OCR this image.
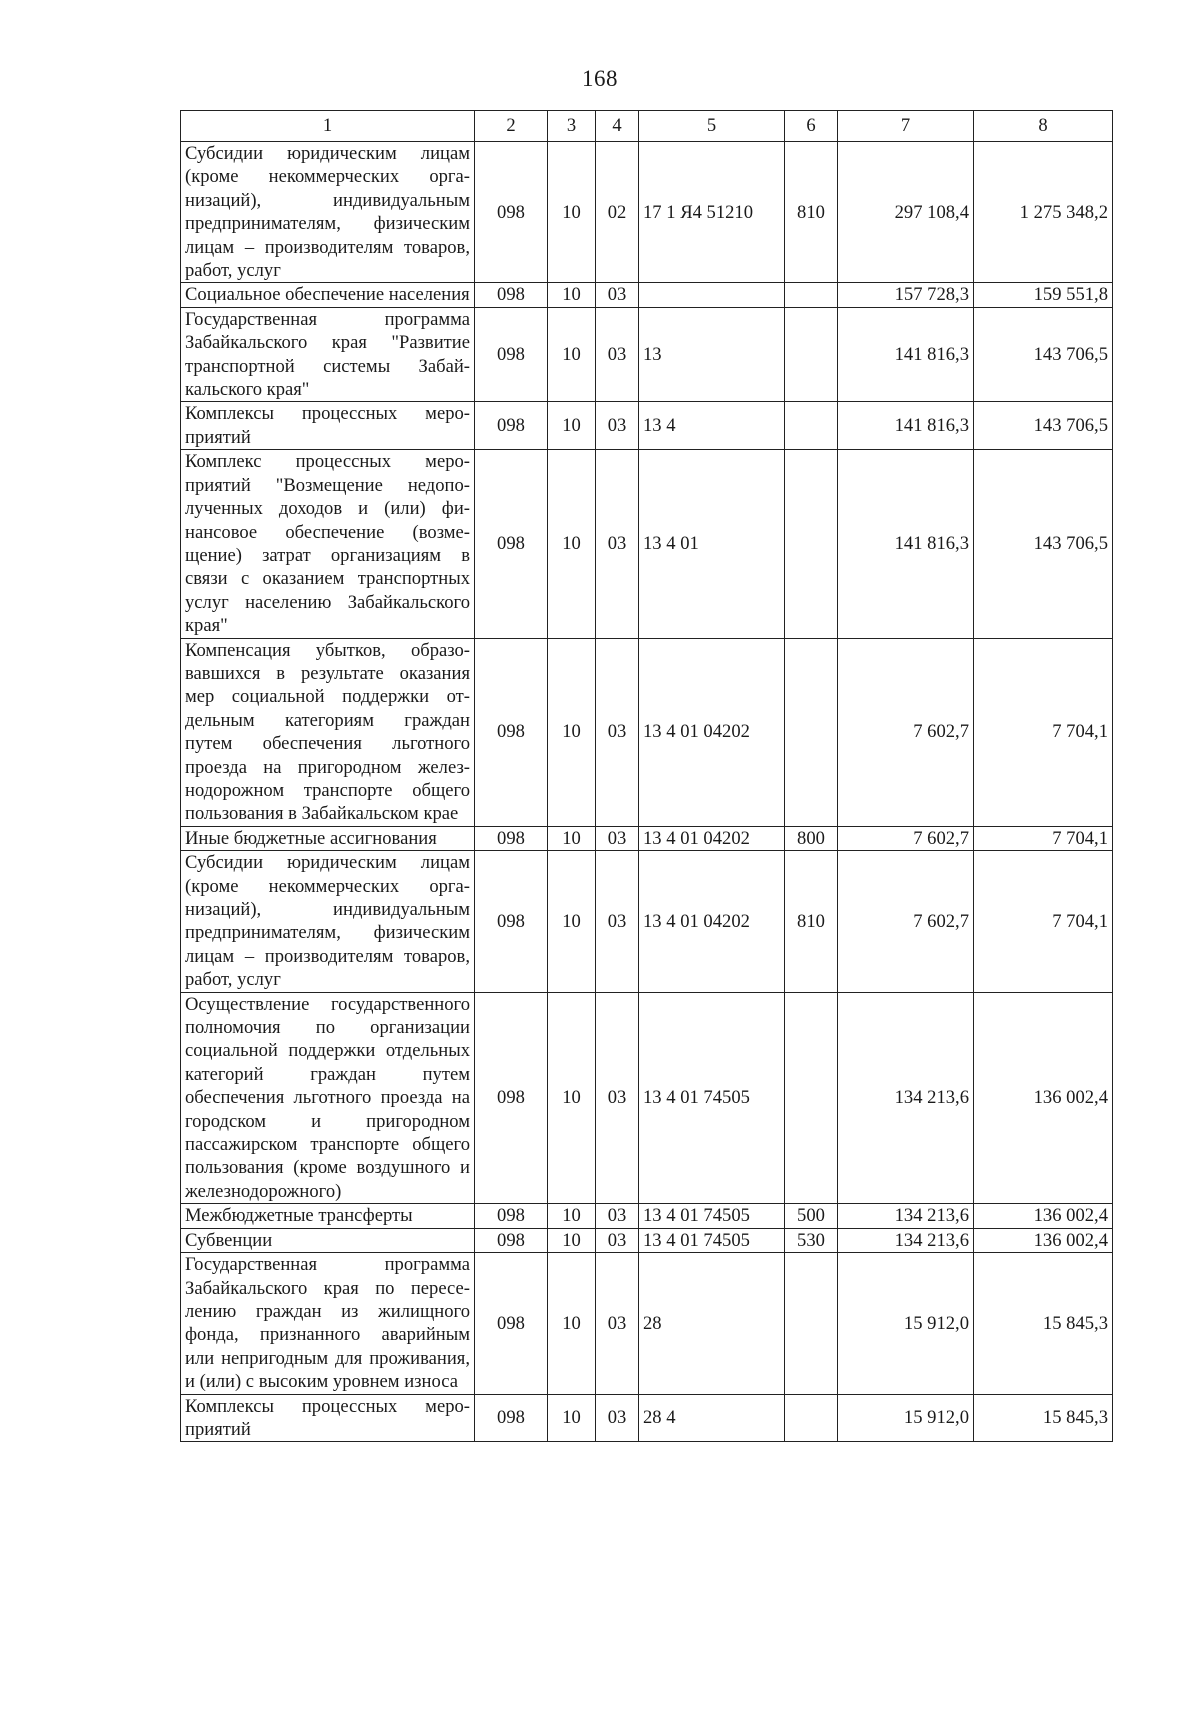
168
1	2	3	4	5	6	7	8
Субсидии юридическим лицам (кроме некоммерческих организаций), индивидуальным предпринимателям, физическим лицам – производителям товаров, работ, услуг	098	10	02	17 1 Я4 51210	810	297 108,4	1 275 348,2
Социальное обеспечение населения	098	10	03			157 728,3	159 551,8
Государственная программа Забайкальского края "Развитие транспортной системы Забайкальского края"	098	10	03	13		141 816,3	143 706,5
Комплексы процессных мероприятий	098	10	03	13 4		141 816,3	143 706,5
Комплекс процессных мероприятий "Возмещение недополученных доходов и (или) финансовое обеспечение (возмещение) затрат организациям в связи с оказанием транспортных услуг населению Забайкальского края"	098	10	03	13 4 01		141 816,3	143 706,5
Компенсация убытков, образовавшихся в результате оказания мер социальной поддержки отдельным категориям граждан путем обеспечения льготного проезда на пригородном железнодорожном транспорте общего пользования в Забайкальском крае	098	10	03	13 4 01 04202		7 602,7	7 704,1
Иные бюджетные ассигнования	098	10	03	13 4 01 04202	800	7 602,7	7 704,1
Субсидии юридическим лицам (кроме некоммерческих организаций), индивидуальным предпринимателям, физическим лицам – производителям товаров, работ, услуг	098	10	03	13 4 01 04202	810	7 602,7	7 704,1
Осуществление государственного полномочия по организации социальной поддержки отдельных категорий граждан путем обеспечения льготного проезда на городском и пригородном пассажирском транспорте общего пользования (кроме воздушного и железнодорожного)	098	10	03	13 4 01 74505		134 213,6	136 002,4
Межбюджетные трансферты	098	10	03	13 4 01 74505	500	134 213,6	136 002,4
Субвенции	098	10	03	13 4 01 74505	530	134 213,6	136 002,4
Государственная программа Забайкальского края по переселению граждан из жилищного фонда, признанного аварийным или непригодным для проживания, и (или) с высоким уровнем износа	098	10	03	28		15 912,0	15 845,3
Комплексы процессных мероприятий	098	10	03	28 4		15 912,0	15 845,3
